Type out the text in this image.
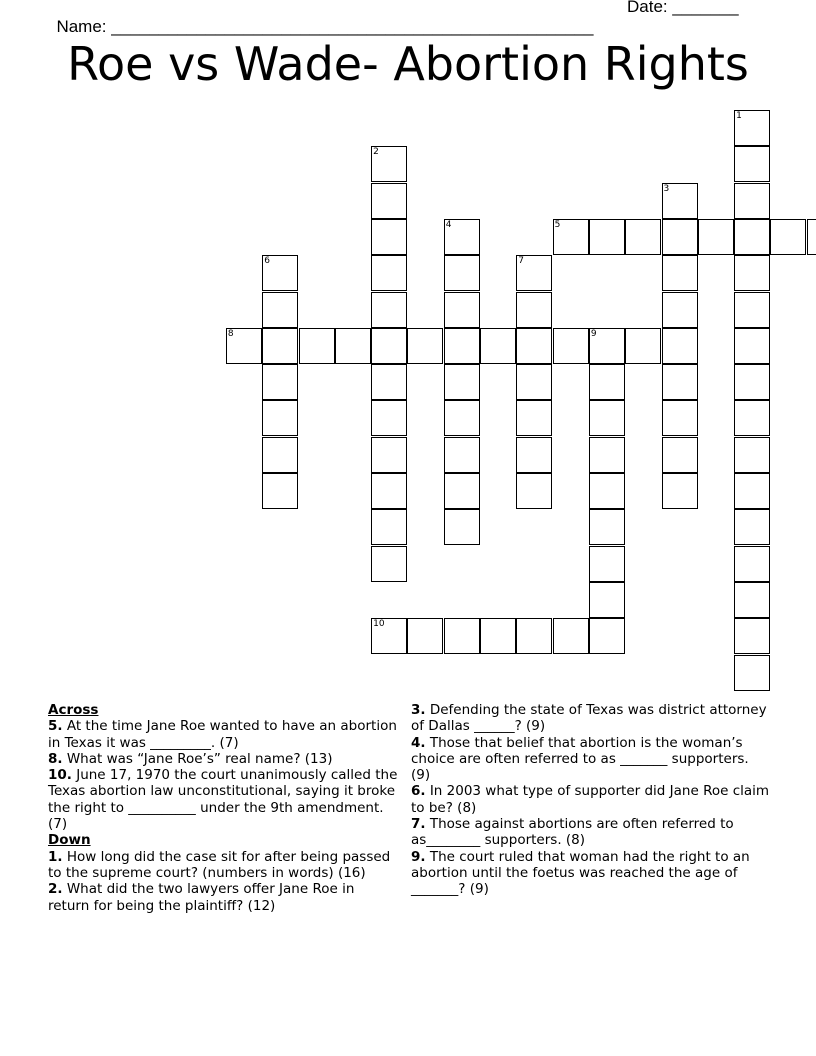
Name: ___________________________________________________

Date: _______

Roe vs Wade- Abortion Rights
5
8	9
10
1
2
3
4
6	7
Across
5. At the time Jane Roe wanted to have an abortion in Texas it was _________. (7)
8. What was “Jane Roe’s” real name? (13)
10. June 17, 1970 the court unanimously called the Texas abortion law unconstitutional, saying it broke the right to __________ under the 9th amendment. (7)
Down
1. How long did the case sit for after being passed to the supreme court? (numbers in words) (16)
2. What did the two lawyers offer Jane Roe in return for being the plaintiff? (12)
3. Defending the state of Texas was district attorney of Dallas ______? (9)
4. Those that belief that abortion is the woman’s choice are often referred to as _______ supporters. (9)
6. In 2003 what type of supporter did Jane Roe claim to be? (8)
7. Those against abortions are often referred to as________ supporters. (8)
9. The court ruled that woman had the right to an abortion until the foetus was reached the age of _______? (9)
